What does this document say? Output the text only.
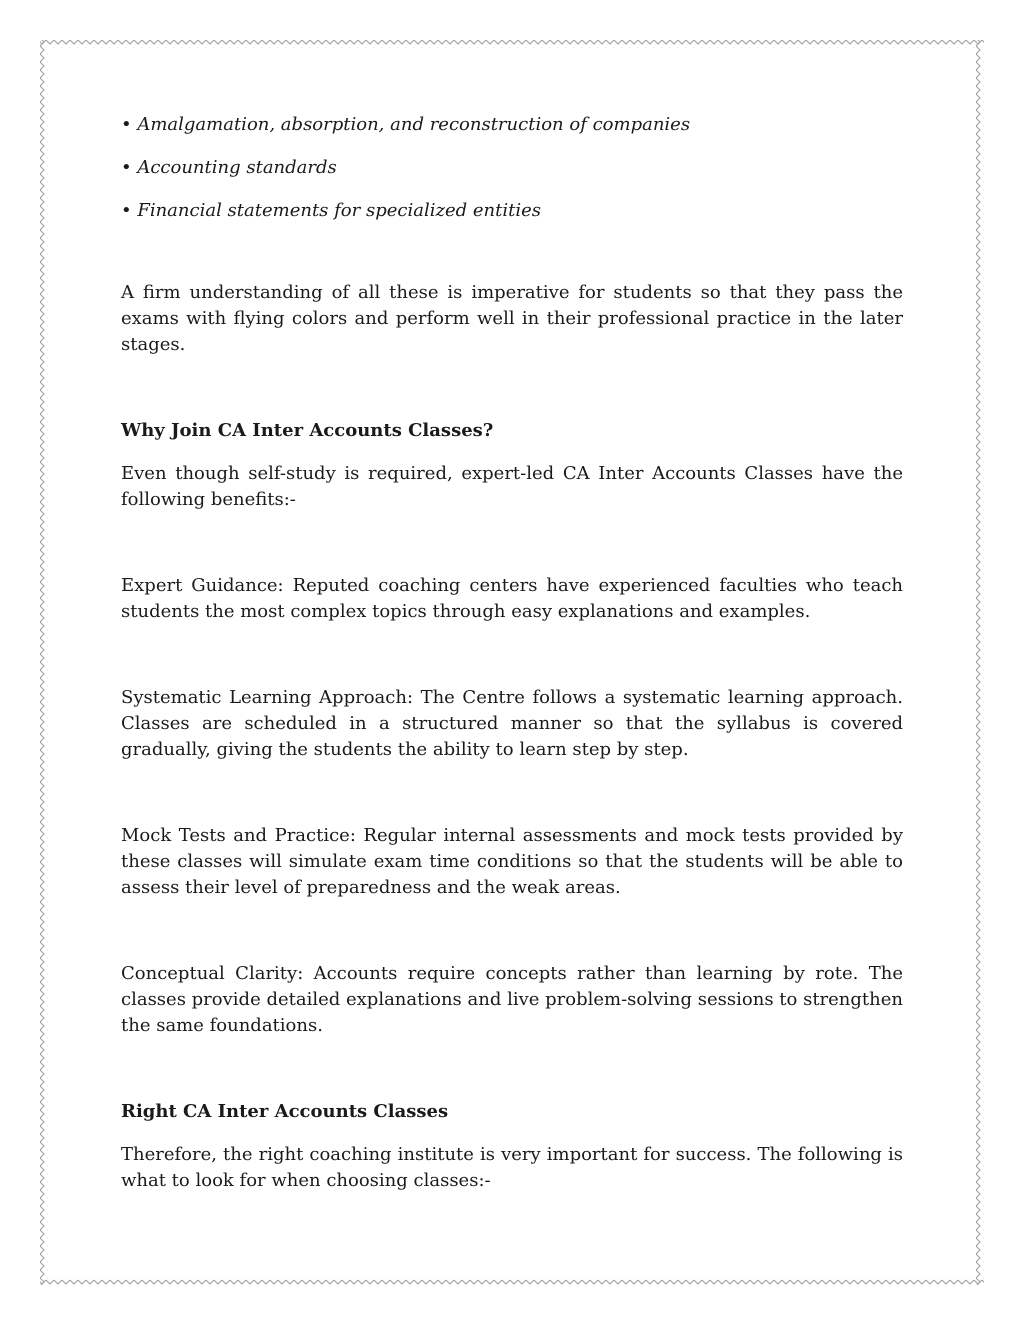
• Amalgamation, absorption, and reconstruction of companies
• Accounting standards
• Financial statements for specialized entities

A firm understanding of all these is imperative for students so that they pass the exams with flying colors and perform well in their professional practice in the later stages.

Why Join CA Inter Accounts Classes?

Even though self-study is required, expert-led CA Inter Accounts Classes have the following benefits:-

Expert Guidance: Reputed coaching centers have experienced faculties who teach students the most complex topics through easy explanations and examples.

Systematic Learning Approach: The Centre follows a systematic learning approach. Classes are scheduled in a structured manner so that the syllabus is covered gradually, giving the students the ability to learn step by step.

Mock Tests and Practice: Regular internal assessments and mock tests provided by these classes will simulate exam time conditions so that the students will be able to assess their level of preparedness and the weak areas.

Conceptual Clarity: Accounts require concepts rather than learning by rote. The classes provide detailed explanations and live problem-solving sessions to strengthen the same foundations.

Right CA Inter Accounts Classes

Therefore, the right coaching institute is very important for success. The following is what to look for when choosing classes:-
